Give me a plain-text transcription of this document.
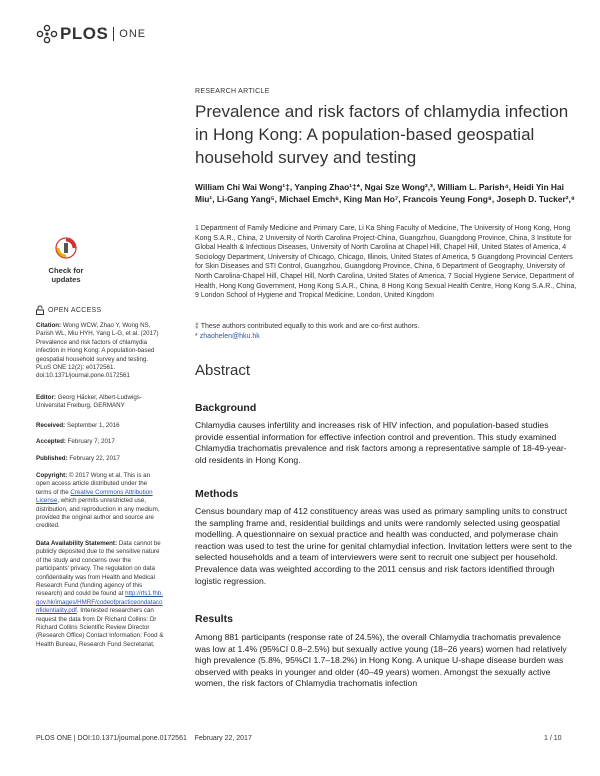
PLOS ONE
Check for
updates
OPEN ACCESS
Citation: Wong WCW, Zhao Y, Wong NS, Parish WL, Miu HYH, Yang L-G, et al. (2017) Prevalence and risk factors of chlamydia infection in Hong Kong: A population-based geospatial household survey and testing. PLoS ONE 12(2): e0172561. doi:10.1371/journal.pone.0172561
Editor: Georg Häcker, Albert-Ludwigs-Universitat Freiburg, GERMANY
Received: September 1, 2016
Accepted: February 7, 2017
Published: February 22, 2017
Copyright: © 2017 Wong et al. This is an open access article distributed under the terms of the Creative Commons Attribution License, which permits unrestricted use, distribution, and reproduction in any medium, provided the original author and source are credited.
Data Availability Statement: Data cannot be publicly deposited due to the sensitive nature of the study and concerns over the participants' privacy. The regulation on data confidentiality was from Health and Medical Research Fund (funding agency of this research) and could be found at http://rfs1.fhb.gov.hk/images/HMRF/codeofpracticeondataconfidentiality.pdf. Interested researchers can request the data from Dr Richard Collins: Dr Richard Collins Scientific Review Director (Research Office) Contact Information: Food & Health Bureau, Research Fund Secretariat,
RESEARCH ARTICLE
Prevalence and risk factors of chlamydia infection in Hong Kong: A population-based geospatial household survey and testing
William Chi Wai Wong¹‡, Yanping Zhao¹‡*, Ngai Sze Wong²,³, William L. Parish⁴, Heidi Yin Hai Miu¹, Li-Gang Yang⁵, Michael Emch⁶, King Man Ho⁷, Francois Yeung Fong⁸, Joseph D. Tucker²,⁹
1 Department of Family Medicine and Primary Care, Li Ka Shing Faculty of Medicine, The University of Hong Kong, Hong Kong S.A.R., China, 2 University of North Carolina Project-China, Guangzhou, Guangdong Province, China, 3 Institute for Global Health & Infectious Diseases, University of North Carolina at Chapel Hill, Chapel Hill, United States of America, 4 Sociology Department, University of Chicago, Chicago, Illinois, United States of America, 5 Guangdong Provincial Centers for Skin Diseases and STI Control, Guangzhou, Guangdong Province, China, 6 Department of Geography, University of North Carolina-Chapel Hill, Chapel Hill, North Carolina, United States of America, 7 Social Hygiene Service, Department of Health, Hong Kong Government, Hong Kong S.A.R., China, 8 Hong Kong Sexual Health Centre, Hong Kong S.A.R., China, 9 London School of Hygiene and Tropical Medicine, London, United Kingdom
‡ These authors contributed equally to this work and are co-first authors.
* zhaohelen@hku.hk
Abstract
Background

Chlamydia causes infertility and increases risk of HIV infection, and population-based studies provide essential information for effective infection control and prevention. This study examined Chlamydia trachomatis prevalence and risk factors among a representative sample of 18-49-year-old residents in Hong Kong.

Methods

Census boundary map of 412 constituency areas was used as primary sampling units to construct the sampling frame and, residential buildings and units were randomly selected using geospatial modelling. A questionnaire on sexual practice and health was conducted, and polymerase chain reaction was used to test the urine for genital chlamydial infection. Invitation letters were sent to the selected households and a team of interviewers were sent to recruit one subject per household. Prevalence data was weighted according to the 2011 census and risk factors identified through logistic regression.

Results

Among 881 participants (response rate of 24.5%), the overall Chlamydia trachomatis prevalence was low at 1.4% (95%CI 0.8–2.5%) but sexually active young (18–26 years) women had relatively high prevalence (5.8%, 95%CI 1.7–18.2%) in Hong Kong. A unique U-shape disease burden was observed with peaks in younger and older (40–49 years) women. Amongst the sexually active women, the risk factors of Chlamydia trachomatis infection

PLOS ONE | DOI:10.1371/journal.pone.0172561    February 22, 2017	1 / 10
